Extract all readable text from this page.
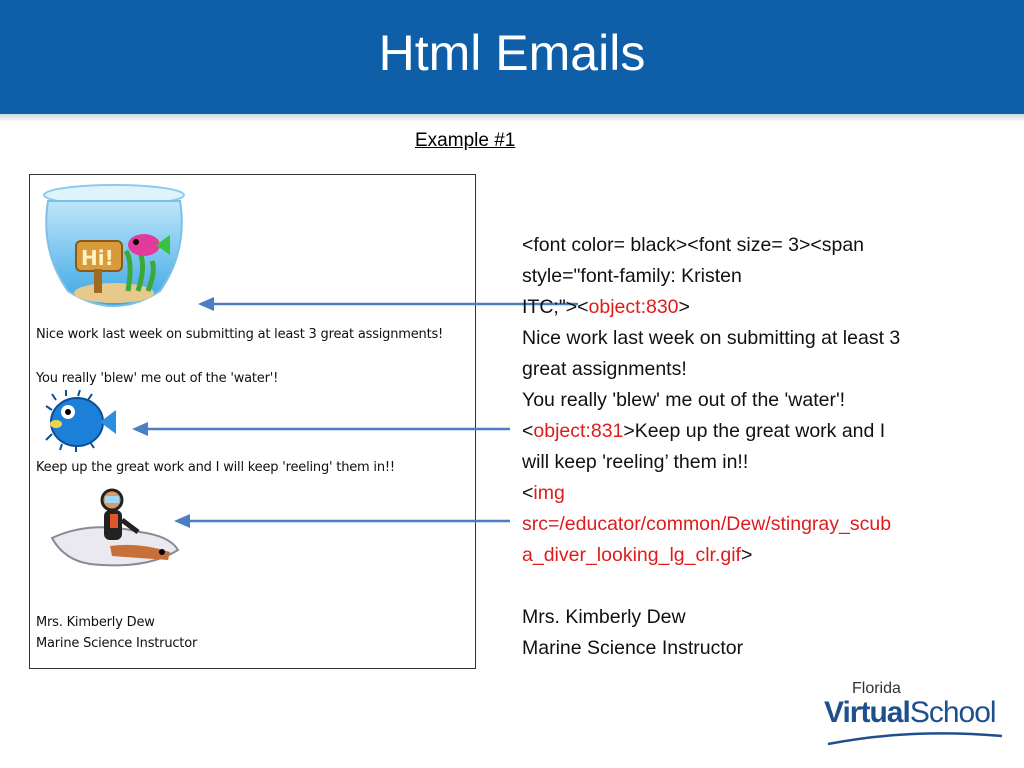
Html Emails
Example #1
Hi!
Nice work last week on submitting at least 3 great assignments!
You really 'blew' me out of the 'water'!
Keep up the great work and I will keep 'reeling' them in!!
Mrs. Kimberly Dew
Marine Science Instructor
<font color= black><font size= 3><span
style="font-family: Kristen
ITC;"><object:830>
Nice work last week on submitting at least 3
great assignments!
You really 'blew' me out of the 'water'!
<object:831>Keep up the great work and I
will keep 'reeling’ them in!!
<img
src=/educator/common/Dew/stingray_scub
a_diver_looking_lg_clr.gif>

Mrs. Kimberly Dew
Marine Science Instructor
Florida
VirtualSchool
